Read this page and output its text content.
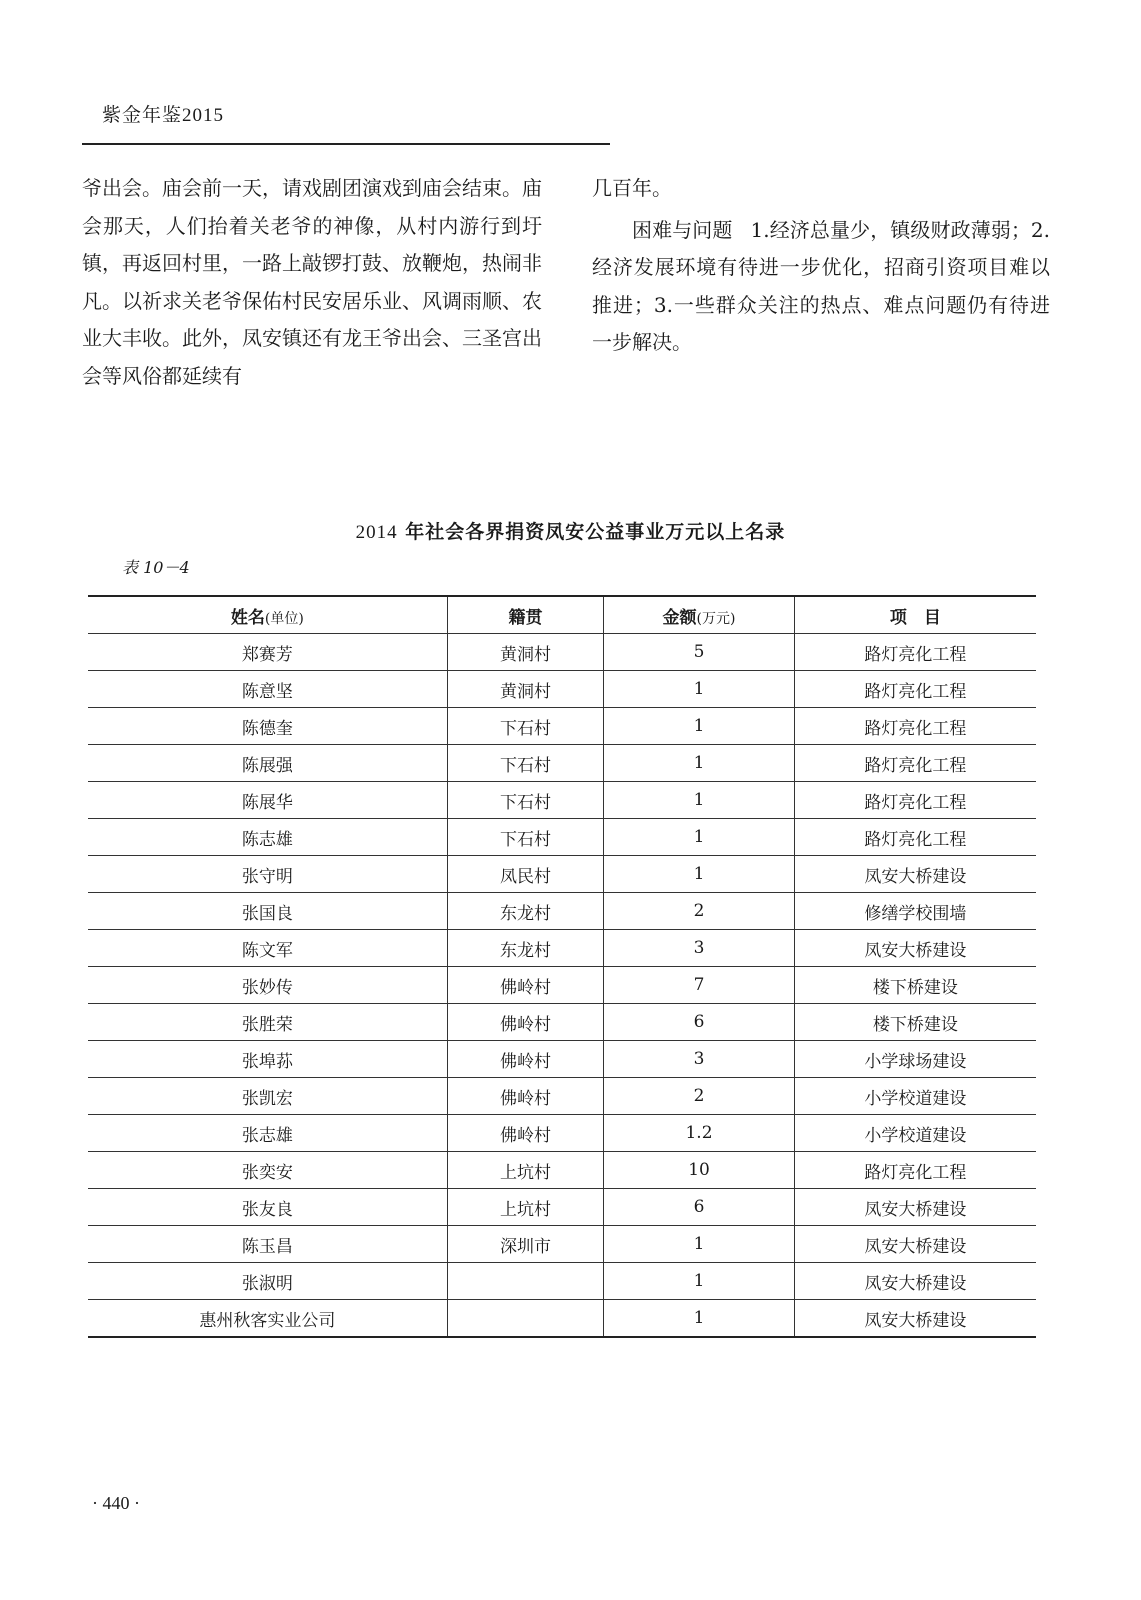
紫金年鉴2015

爷出会。庙会前一天，请戏剧团演戏到庙会结束。庙会那天，人们抬着关老爷的神像，从村内游行到圩镇，再返回村里，一路上敲锣打鼓、放鞭炮，热闹非凡。以祈求关老爷保佑村民安居乐业、风调雨顺、农业大丰收。此外，凤安镇还有龙王爷出会、三圣宫出会等风俗都延续有

几百年。

困难与问题 1.经济总量少，镇级财政薄弱；2.经济发展环境有待进一步优化，招商引资项目难以推进；3.一些群众关注的热点、难点问题仍有待进一步解决。

2014 年社会各界捐资凤安公益事业万元以上名录
表 10－4
姓名(单位)	籍贯	金额(万元)	项　目
郑赛芳	黄洞村	5	路灯亮化工程
陈意坚	黄洞村	1	路灯亮化工程
陈德奎	下石村	1	路灯亮化工程
陈展强	下石村	1	路灯亮化工程
陈展华	下石村	1	路灯亮化工程
陈志雄	下石村	1	路灯亮化工程
张守明	凤民村	1	凤安大桥建设
张国良	东龙村	2	修缮学校围墙
陈文军	东龙村	3	凤安大桥建设
张妙传	佛岭村	7	楼下桥建设
张胜荣	佛岭村	6	楼下桥建设
张埠荪	佛岭村	3	小学球场建设
张凯宏	佛岭村	2	小学校道建设
张志雄	佛岭村	1.2	小学校道建设
张奕安	上坑村	10	路灯亮化工程
张友良	上坑村	6	凤安大桥建设
陈玉昌	深圳市	1	凤安大桥建设
张淑明		1	凤安大桥建设
惠州秋客实业公司		1	凤安大桥建设
· 440 ·
